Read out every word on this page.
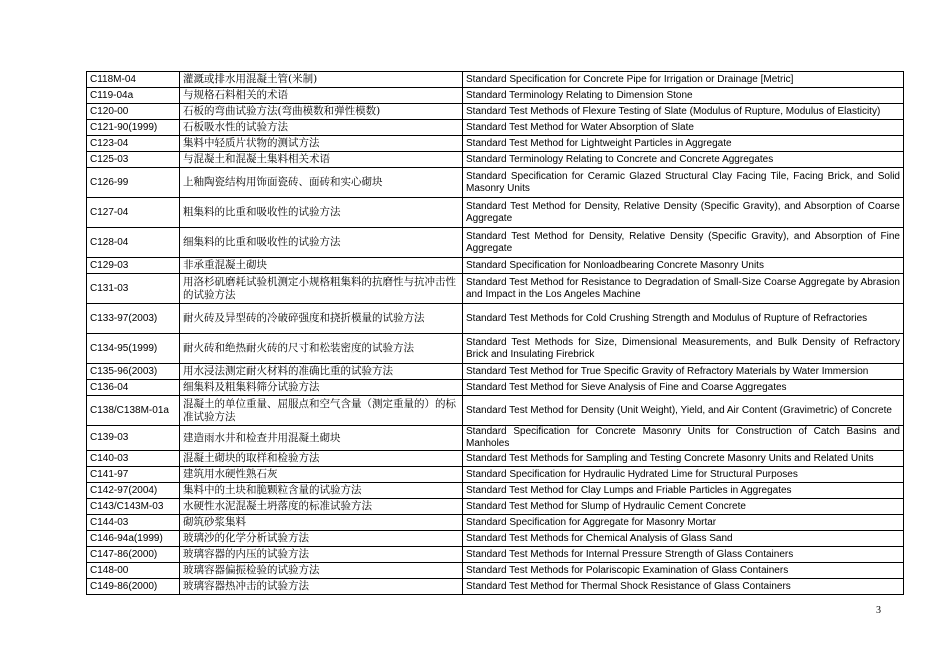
C118M-04	灌溉或排水用混凝土管(米制)	Standard Specification for Concrete Pipe for Irrigation or Drainage [Metric]
C119-04a	与规格石料相关的术语	Standard Terminology Relating to Dimension Stone
C120-00	石板的弯曲试验方法(弯曲模数和弹性模数)	Standard Test Methods of Flexure Testing of Slate (Modulus of Rupture, Modulus of Elasticity)
C121-90(1999)	石板吸水性的试验方法	Standard Test Method for Water Absorption of Slate
C123-04	集料中轻质片状物的测试方法	Standard Test Method for Lightweight Particles in Aggregate
C125-03	与混凝土和混凝土集料相关术语	Standard Terminology Relating to Concrete and Concrete Aggregates
C126-99	上釉陶瓷结构用饰面瓷砖、面砖和实心砌块	Standard Specification for Ceramic Glazed Structural Clay Facing Tile, Facing Brick, and Solid Masonry Units
C127-04	粗集料的比重和吸收性的试验方法	Standard Test Method for Density, Relative Density (Specific Gravity), and Absorption of Coarse Aggregate
C128-04	细集料的比重和吸收性的试验方法	Standard Test Method for Density, Relative Density (Specific Gravity), and Absorption of Fine Aggregate
C129-03	非承重混凝土砌块	Standard Specification for Nonloadbearing Concrete Masonry Units
C131-03	用洛杉矶磨耗试验机测定小规格粗集料的抗磨性与抗冲击性的试验方法	Standard Test Method for Resistance to Degradation of Small-Size Coarse Aggregate by Abrasion and Impact in the Los Angeles Machine
C133-97(2003)	耐火砖及异型砖的冷破碎强度和挠折模量的试验方法	Standard Test Methods for Cold Crushing Strength and Modulus of Rupture of Refractories
C134-95(1999)	耐火砖和绝热耐火砖的尺寸和松装密度的试验方法	Standard Test Methods for Size, Dimensional Measurements, and Bulk Density of Refractory Brick and Insulating Firebrick
C135-96(2003)	用水浸法测定耐火材料的准确比重的试验方法	Standard Test Method for True Specific Gravity of Refractory Materials by Water Immersion
C136-04	细集料及粗集料筛分试验方法	Standard Test Method for Sieve Analysis of Fine and Coarse Aggregates
C138/C138M-01a	混凝土的单位重量、屈服点和空气含量（测定重量的）的标准试验方法	Standard Test Method for Density (Unit Weight), Yield, and Air Content (Gravimetric) of Concrete
C139-03	建造雨水井和检查井用混凝土砌块	Standard Specification for Concrete Masonry Units for Construction of Catch Basins and Manholes
C140-03	混凝土砌块的取样和检验方法	Standard Test Methods for Sampling and Testing Concrete Masonry Units and Related Units
C141-97	建筑用水硬性熟石灰	Standard Specification for Hydraulic Hydrated Lime for Structural Purposes
C142-97(2004)	集料中的土块和脆颗粒含量的试验方法	Standard Test Method for Clay Lumps and Friable Particles in Aggregates
C143/C143M-03	水硬性水泥混凝土坍落度的标准试验方法	Standard Test Method for Slump of Hydraulic Cement Concrete
C144-03	砌筑砂浆集料	Standard Specification for Aggregate for Masonry Mortar
C146-94a(1999)	玻璃沙的化学分析试验方法	Standard Test Methods for Chemical Analysis of Glass Sand
C147-86(2000)	玻璃容器的内压的试验方法	Standard Test Methods for Internal Pressure Strength of Glass Containers
C148-00	玻璃容器偏振检验的试验方法	Standard Test Methods for Polariscopic Examination of Glass Containers
C149-86(2000)	玻璃容器热冲击的试验方法	Standard Test Method for Thermal Shock Resistance of Glass Containers
3
